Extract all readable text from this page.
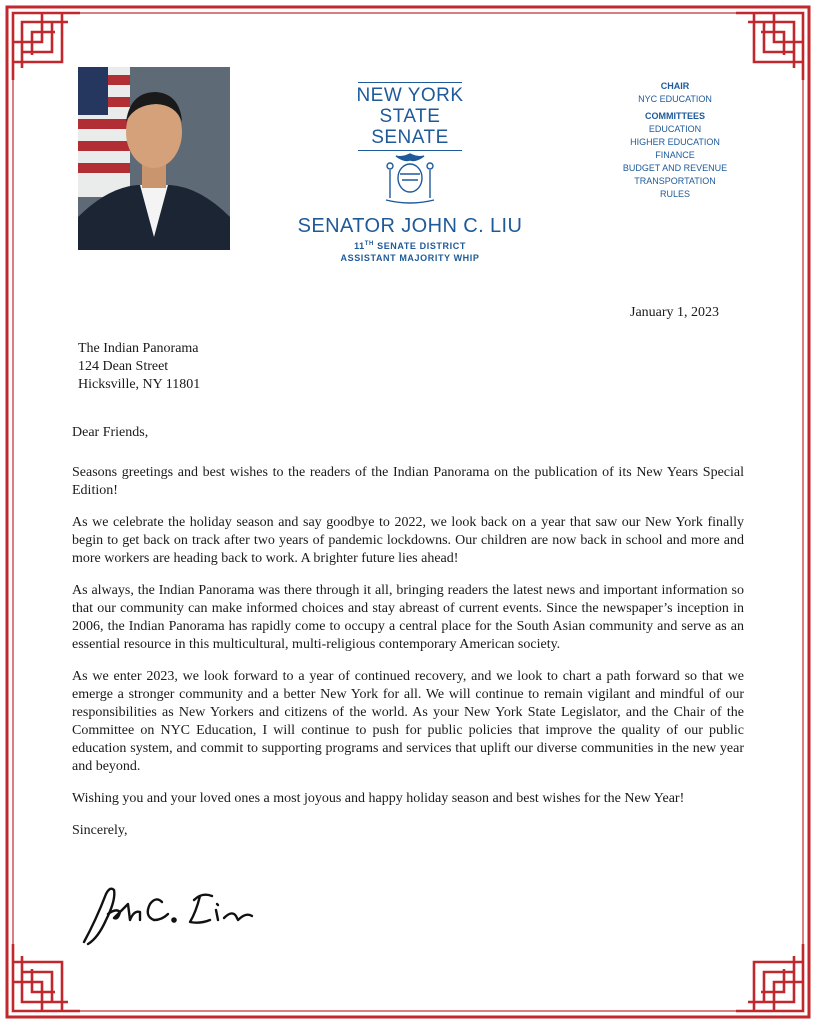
NEW YORK
STATE
SENATE
SENATOR JOHN C. LIU
11TH SENATE DISTRICT
ASSISTANT MAJORITY WHIP
CHAIR
NYC EDUCATION
COMMITTEES
EDUCATION
HIGHER EDUCATION
FINANCE
BUDGET AND REVENUE
TRANSPORTATION
RULES
January 1, 2023
The Indian Panorama
124 Dean Street
Hicksville, NY 11801

Dear Friends,

Seasons greetings and best wishes to the readers of the Indian Panorama on the publication of its New Years Special Edition!

As we celebrate the holiday season and say goodbye to 2022, we look back on a year that saw our New York finally begin to get back on track after two years of pandemic lockdowns. Our children are now back in school and more and more workers are heading back to work. A brighter future lies ahead!

As always, the Indian Panorama was there through it all, bringing readers the latest news and important information so that our community can make informed choices and stay abreast of current events. Since the newspaper’s inception in 2006, the Indian Panorama has rapidly come to occupy a central place for the South Asian community and serve as an essential resource in this multicultural, multi-religious contemporary American society.

As we enter 2023, we look forward to a year of continued recovery, and we look to chart a path forward so that we emerge a stronger community and a better New York for all. We will continue to remain vigilant and mindful of our responsibilities as New Yorkers and citizens of the world. As your New York State Legislator, and the Chair of the Committee on NYC Education, I will continue to push for public policies that improve the quality of our public education system, and commit to supporting programs and services that uplift our diverse communities in the new year and beyond.

Wishing you and your loved ones a most joyous and happy holiday season and best wishes for the New Year!

Sincerely,
